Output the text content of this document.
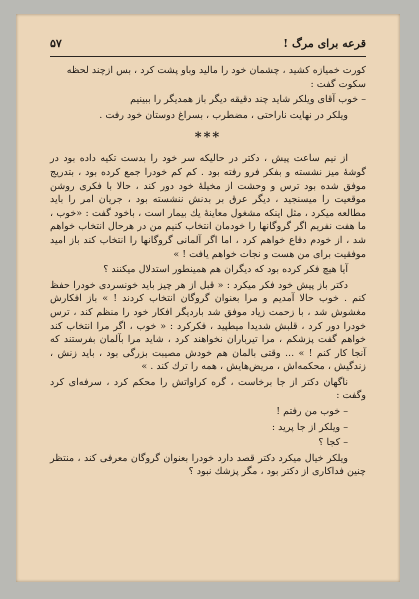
قرعه برای مرگ !
۵۷

کورت خمیازه کشید ، چشمان خود را مالید وباو پشت کرد ، بس ازچند لحظه سکوت گفت :

– خوب آقای ویلکر شاید چند دقیقه دیگر باز همدیگر را ببینیم

ویلکر در نهایت ناراحتی ، مضطرب ، بسراغ دوستان خود رفت .

***

از نیم ساعت پیش ، دکتر در حالیکه سر خود را بدست تکیه داده بود در گوشهٔ میز نشسته و بفکر فرو رفته بود . کم کم خودرا جمع کرده بود ، بتدریج موفق شده بود ترس و وحشت از مخیلهٔ خود دور کند ، حالا با فکری روشن موقعیت را میسنجید ، دیگر عرق بر بدنش ننشسته بود ، جریان امر را باید مطالعه میکرد ، مثل اینکه مشغول معاینهٔ یك بیمار است ، باخود گفت : «خوب ، ما هفت نفریم اگر گروگانها را خودمان انتخاب کنیم من در هرحال انتخاب خواهم شد ، از خودم دفاع خواهم کرد ، اما اگر آلمانی گروگانها را انتخاب کند باز امید موفقیت برای من هست و نجات خواهم یافت ! »

آیا هیچ فکر کرده بود که دیگران هم همینطور استدلال میکنند ؟

دکتر باز پیش خود فکر میکرد : « قبل از هر چیز باید خونسردی خودرا حفظ کنم . خوب حالا آمدیم و مرا بعنوان گروگان انتخاب کردند ! » باز افکارش مغشوش شد ، با زحمت زیاد موفق شد باردیگر افکار خود را منظم کند ، ترس خودرا دور کرد ، قلبش شدیدا میطپید ، فکرکرد : « خوب ، اگر مرا انتخاب کند خواهم گفت پزشکم ، مرا تیرباران نخواهند کرد ، شاید مرا بآلمان بفرستند که آنجا کار کنم ! » ... وقتی بالمان هم خودش مصیبت بزرگی بود ، باید زنش ، زندگیش ، محکمه‌اش ، مریض‌هایش ، همه را ترك کند . »

ناگهان دکتر از جا برخاست ، گره کراواتش را محکم کرد ، سرفه‌ای کرد وگفت :

– خوب من رفتم !

– ویلکر از جا پرید :

– کجا ؟

ویلکر خیال میکرد دکتر قصد دارد خودرا بعنوان گروگان معرفی کند ، منتظر چنین فداکاری از دکتر بود ، مگر پزشك نبود ؟
